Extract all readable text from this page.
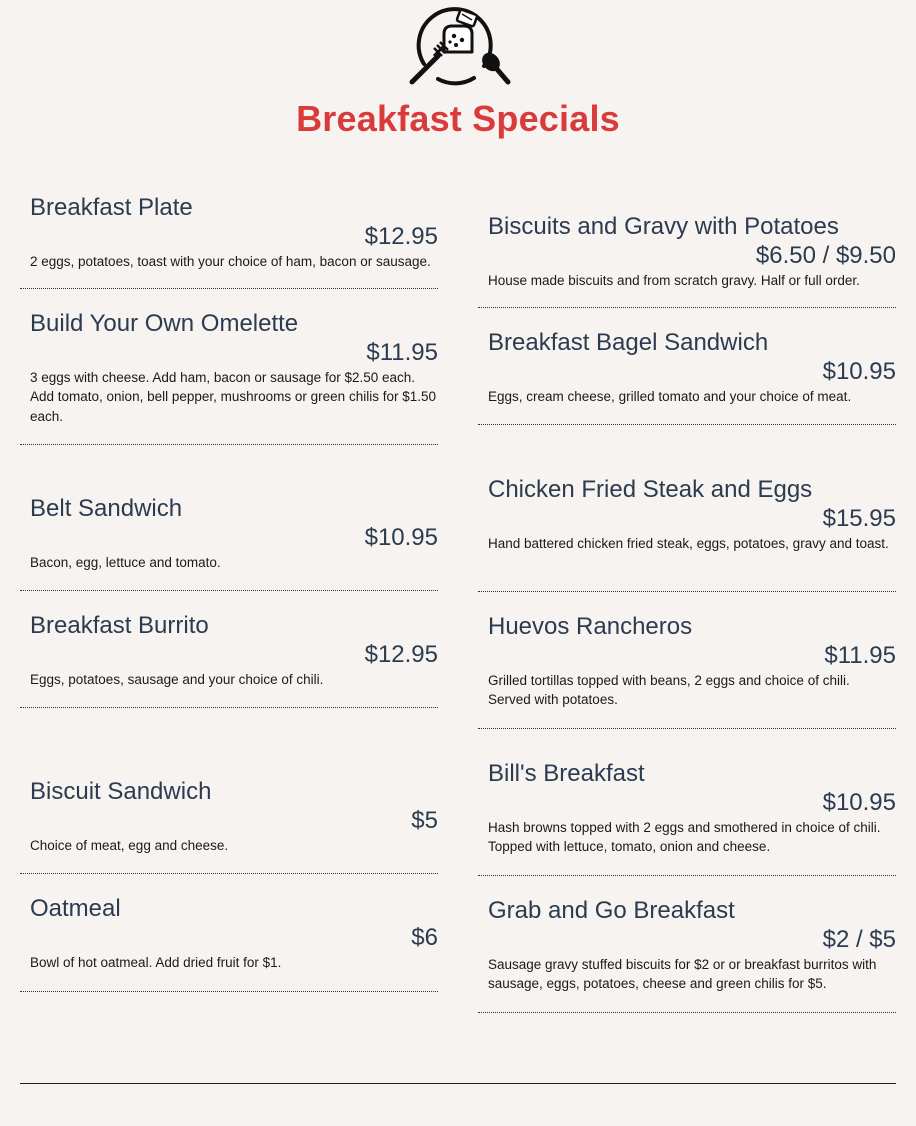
Breakfast Specials
Breakfast Plate
$12.95
2 eggs, potatoes, toast with your choice of ham, bacon or sausage.
Build Your Own Omelette
$11.95
3 eggs with cheese. Add ham, bacon or sausage for $2.50 each. Add tomato, onion, bell pepper, mushrooms or green chilis for $1.50 each.
Belt Sandwich
$10.95
Bacon, egg, lettuce and tomato.
Breakfast Burrito
$12.95
Eggs, potatoes, sausage and your choice of chili.
Biscuit Sandwich
$5
Choice of meat, egg and cheese.
Oatmeal
$6
Bowl of hot oatmeal. Add dried fruit for $1.
Biscuits and Gravy with Potatoes
$6.50 / $9.50
House made biscuits and from scratch gravy. Half or full order.
Breakfast Bagel Sandwich
$10.95
Eggs, cream cheese, grilled tomato and your choice of meat.
Chicken Fried Steak and Eggs
$15.95
Hand battered chicken fried steak, eggs, potatoes, gravy and toast.
Huevos Rancheros
$11.95
Grilled tortillas topped with beans, 2 eggs and choice of chili. Served with potatoes.
Bill's Breakfast
$10.95
Hash browns topped with 2 eggs and smothered in choice of chili. Topped with lettuce, tomato, onion and cheese.
Grab and Go Breakfast
$2 / $5
Sausage gravy stuffed biscuits for $2 or or breakfast burritos with sausage, eggs, potatoes, cheese and green chilis for $5.
